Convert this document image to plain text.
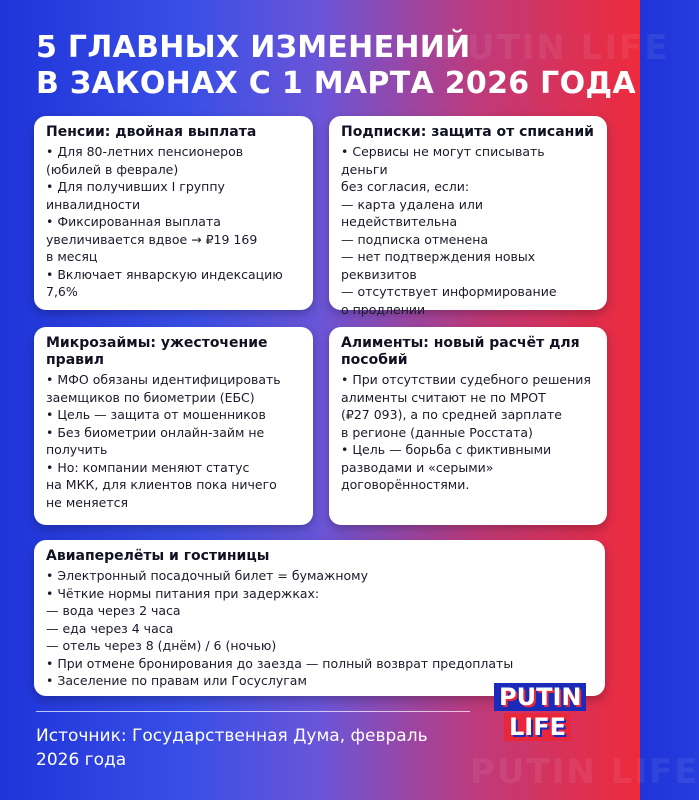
PUTIN LIFE
PUTIN LIFE
5 ГЛАВНЫХ ИЗМЕНЕНИЙ
В ЗАКОНАХ С 1 МАРТА 2026 ГОДА
Пенсии: двойная выплата
• Для 80-летних пенсионеров
(юбилей в феврале)
• Для получивших I группу
инвалидности
• Фиксированная выплата
увеличивается вдвое → ₽19 169
в месяц
• Включает январскую индексацию
7,6%
Подписки: защита от списаний
• Сервисы не могут списывать деньги
без согласия, если:
— карта удалена или недействительна
— подписка отменена
— нет подтверждения новых
реквизитов
— отсутствует информирование
о продлении
Микрозаймы: ужесточение
правил
• МФО обязаны идентифицировать
заемщиков по биометрии (ЕБС)
• Цель — защита от мошенников
• Без биометрии онлайн-займ не
получить
• Но: компании меняют статус
на МКК, для клиентов пока ничего
не меняется
Алименты: новый расчёт для
пособий
• При отсутствии судебного решения
алименты считают не по МРОТ
(₽27 093), а по средней зарплате
в регионе (данные Росстата)
• Цель — борьба с фиктивными
разводами и «серыми»
договорённостями.
Авиаперелёты и гостиницы
• Электронный посадочный билет = бумажному
• Чёткие нормы питания при задержках:
— вода через 2 часа
— еда через 4 часа
— отель через 8 (днём) / 6 (ночью)
• При отмене бронирования до заезда — полный возврат предоплаты
• Заселение по правам или Госуслугам
Источник: Государственная Дума, февраль 2026 года
PUTIN
LIFE
